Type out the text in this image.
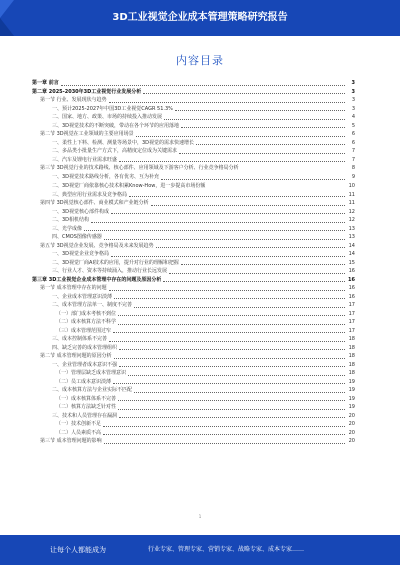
3D工业视觉企业成本管理策略研究报告
内容目录
第一章 前言	3
第二章 2025-2030年3D工业视觉行业发展分析	3
第一节 行业、发展现状与趋势	3
一、预计2025-2027年中国3D工业视觉CAGR 51.3%	3
二、国家、地方、政策、市场的持续投入推动发展	4
三、3D视觉技术的不断突破，带动在各个环节的应用落地	5
第二节 3D视觉在工业领域的主要应用场景	6
一、柔性上下料、检测、测量等场景中，3D视觉的需求快速增长	6
二、多品类小批量生产方式下，高精度定位成为关键需求	7
三、汽车及锂电行业需求旺盛	7
第三节 3D视觉行业的技术路线、核心部件、应用领域及下游客户分析、行业竞争格局分析	8
一、3D视觉技术路线分析，各有优劣、互为补充	9
二、3D视觉厂商依靠核心技术积累Know-How，进一步提高市场份额	10
三、典型应用行业需求及竞争格局	11
第四节 3D视觉核心部件、商业模式和产业链分析	11
一、3D视觉核心部件构成	12
二、3D相机结构	12
三、光学成像	13
四、CMOS图像传感器	13
第五节 3D视觉企业发展、竞争格局及未来发展趋势	14
一、3D视觉企业竞争格局	14
二、3D视觉厂商AI技术的应用，提升对行业的理解和把握	15
三、行业人才、资本等持续涌入，推动行业长远发展	16
第三章 3D工业视觉企业成本管理中存在的问题及原因分析	16
第一节 成本管理中存在的问题	16
一、企业成本管理意识淡薄	16
二、成本管理方法单一、制度不完善	17
（一）部门成本考核不到位	17
（二）成本核算方法不科学	17
（三）成本管理范围过窄	17
三、成本控制体系不完善	18
四、缺乏完善的成本管理组织	18
第二节 成本管理问题的原因分析	18
一、企业管理者成本意识不强	18
（一）管理层缺乏成本管理意识	18
（二）员工成本意识淡薄	19
二、成本核算方法与企业实际不匹配	19
（一）成本核算体系不完善	19
（二）核算方法缺乏针对性	19
三、技术和人员管理存在漏洞	20
（一）技术创新不足	20
（二）人员素质不高	20
第三节 成本管理问题的影响	20
1
让每个人都能成为	行业专家、管理专家、营销专家、战略专家、成本专家……
